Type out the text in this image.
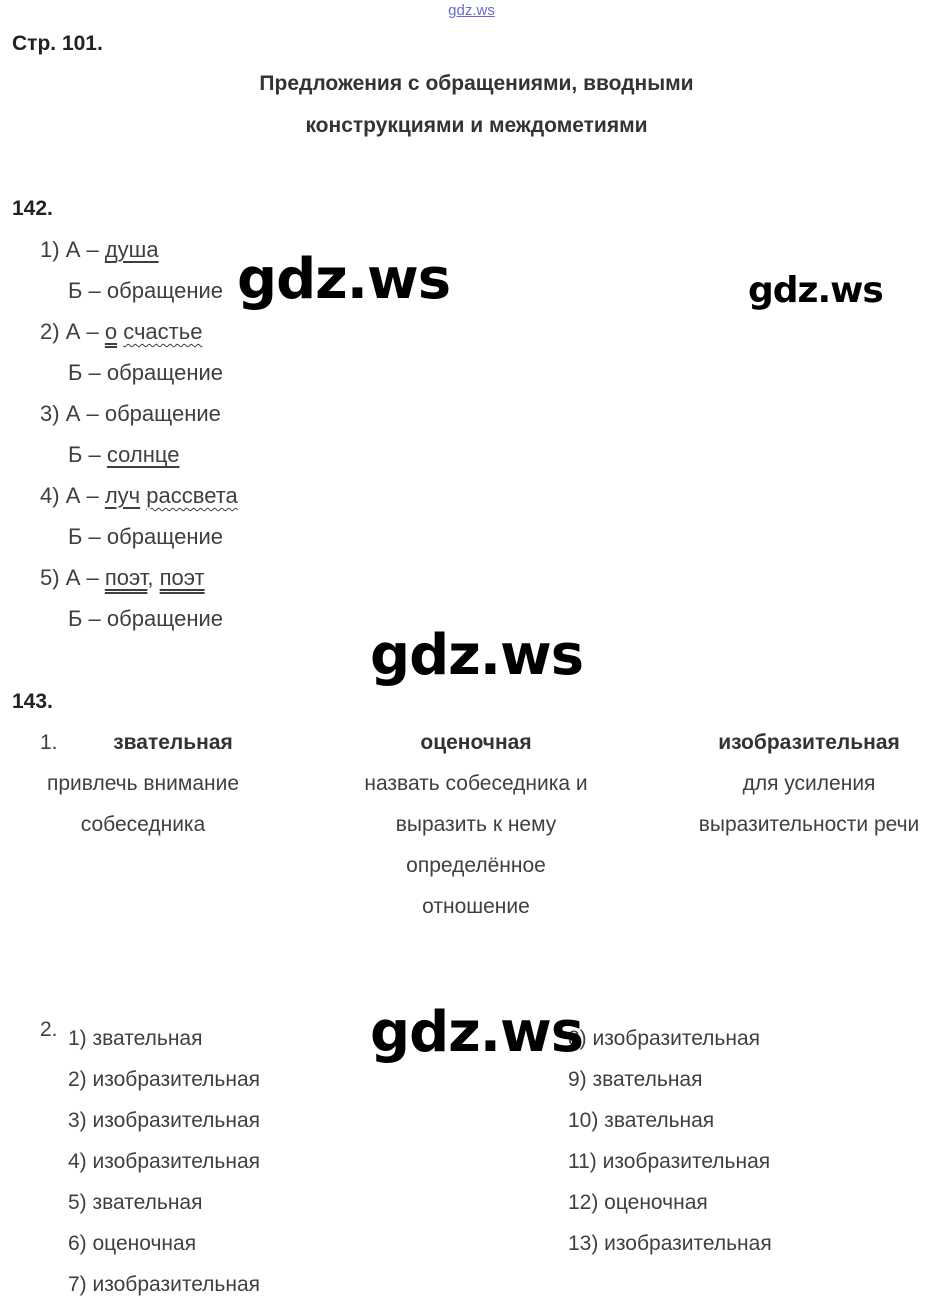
gdz.ws
Стр. 101.
Предложения с обращениями, вводными
конструкциями и междометиями
142.
1) А – душа
Б – обращение
2) А – о счастье
Б – обращение
3) А – обращение
Б – солнце
4) А – луч рассвета
Б – обращение
5) А – поэт, поэт
Б – обращение
143.
1.	звательная
привлечь внимание
собеседника
оценочная
назвать собеседника и
выразить к нему
определённое
отношение
изобразительная
для усиления
выразительности речи
2. 1) звательная
2) изобразительная
3) изобразительная
4) изобразительная
5) звательная
6) оценочная
7) изобразительная
8) изобразительная
9) звательная
10) звательная
11) изобразительная
12) оценочная
13) изобразительная
gdz.ws	gdz.ws
gdz.ws
gdz.ws
